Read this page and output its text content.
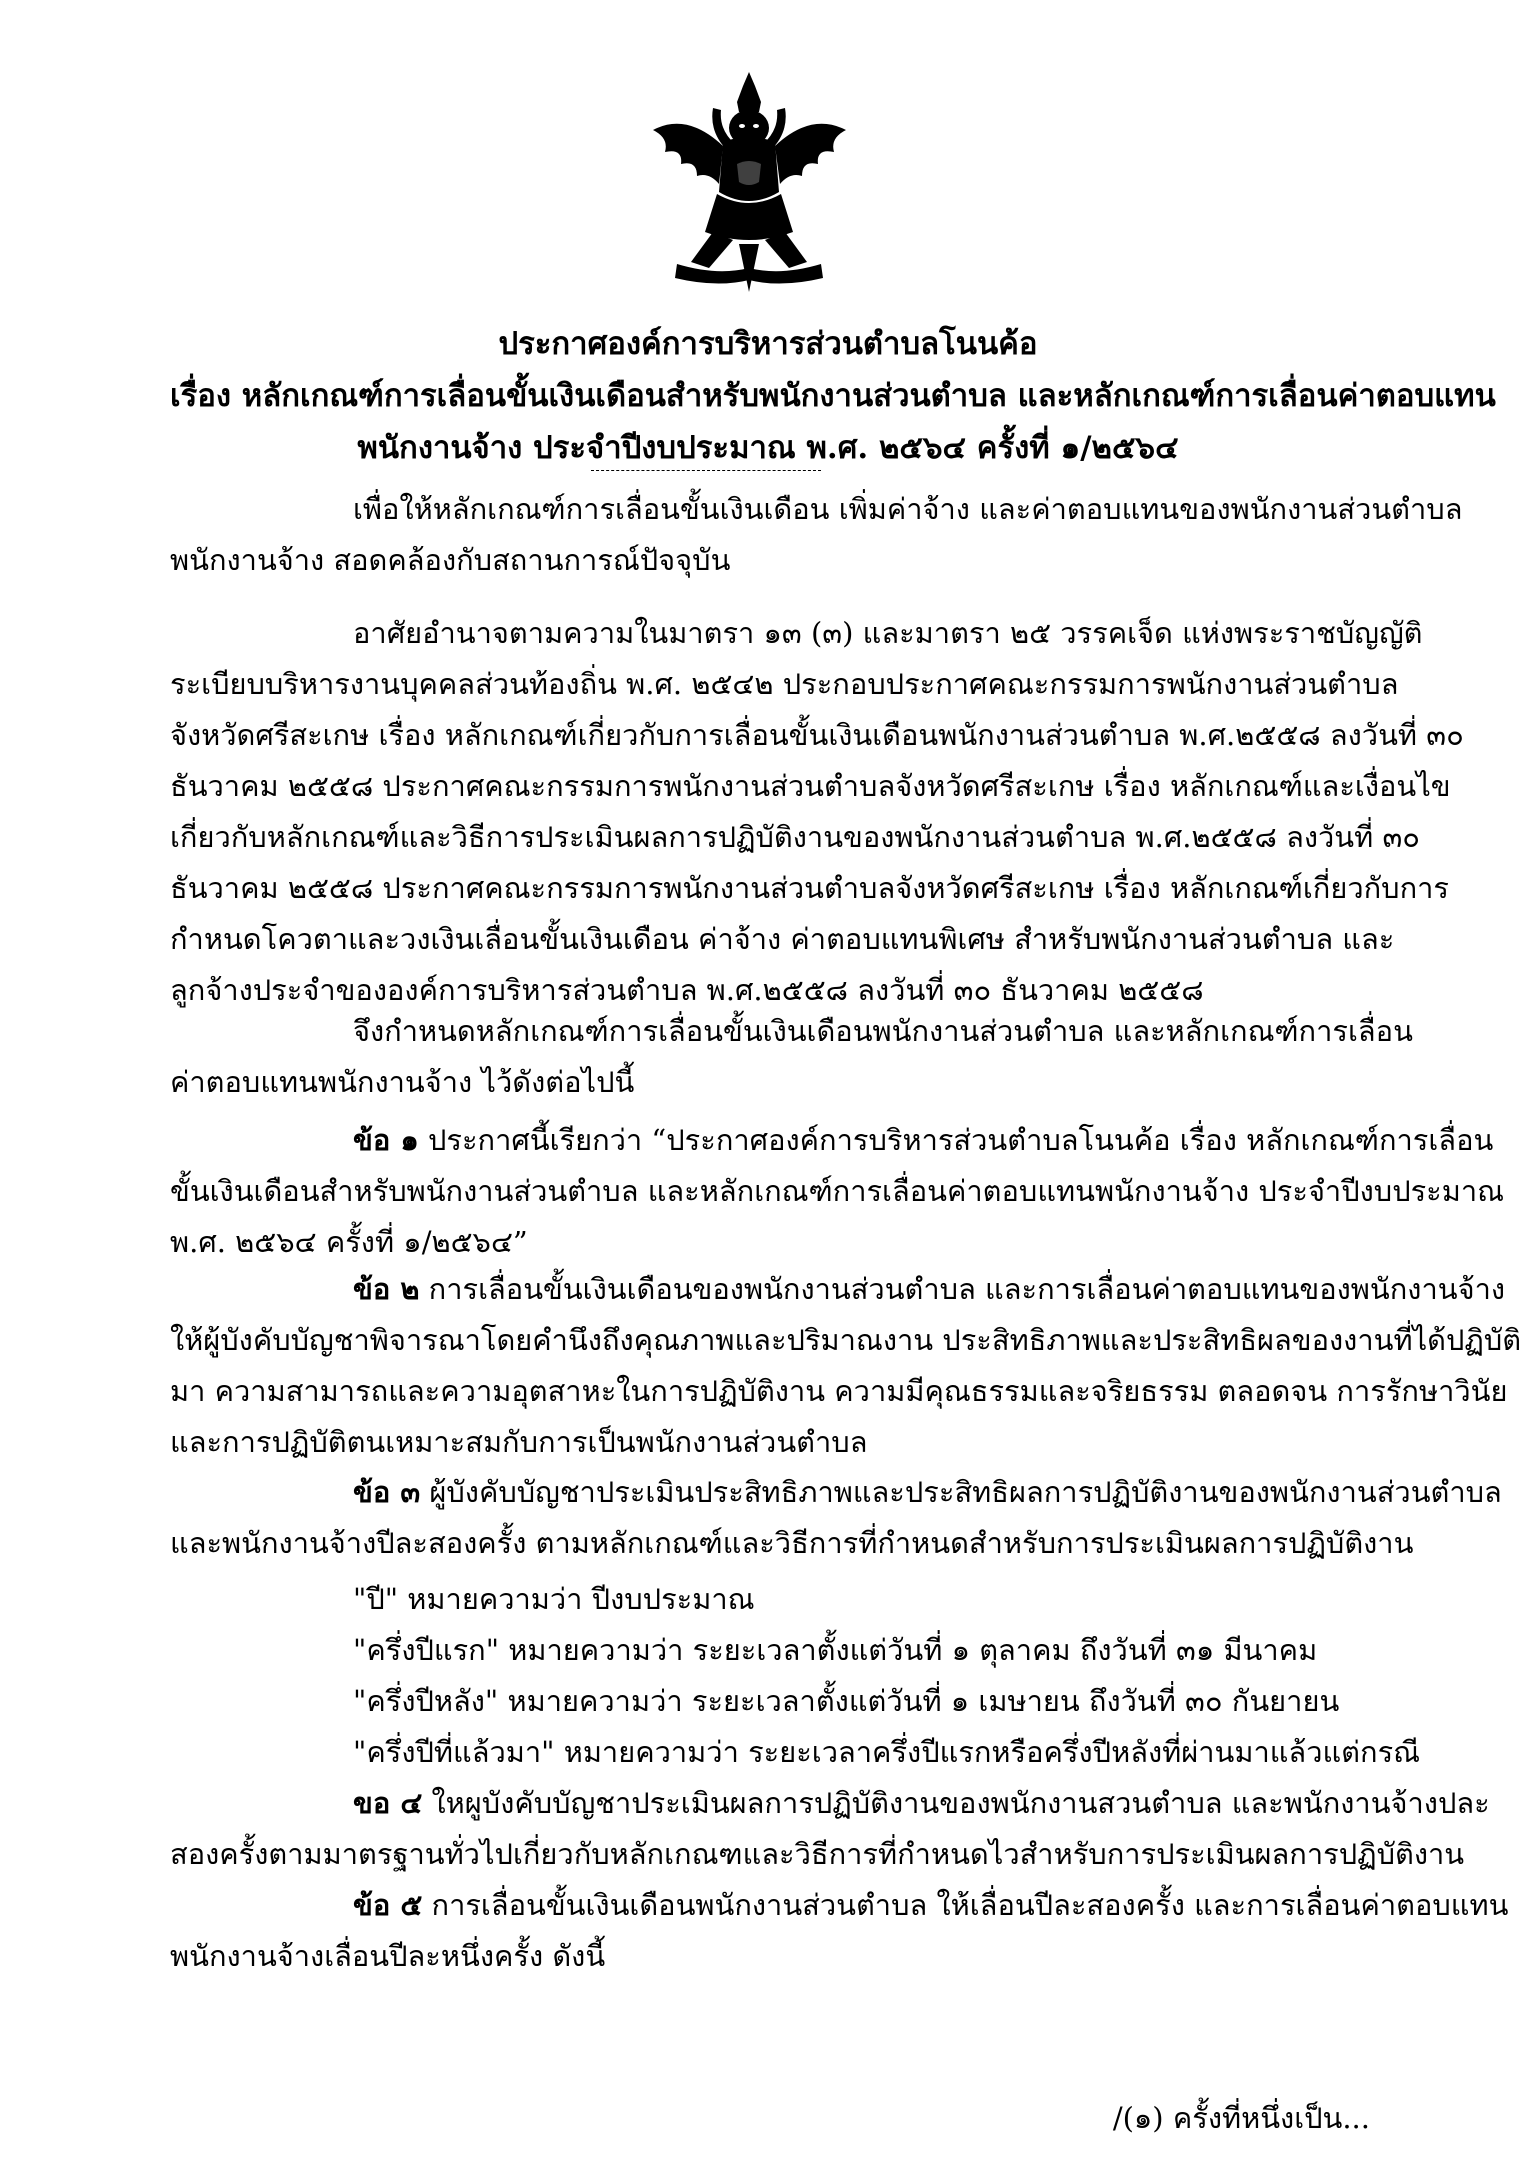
ประกาศองค์การบริหารส่วนตำบลโนนค้อ
เรื่อง หลักเกณฑ์การเลื่อนขั้นเงินเดือนสำหรับพนักงานส่วนตำบล และหลักเกณฑ์การเลื่อนค่าตอบแทน
พนักงานจ้าง ประจำปีงบประมาณ พ.ศ. ๒๕๖๔ ครั้งที่ ๑/๒๕๖๔
เพื่อให้หลักเกณฑ์การเลื่อนขั้นเงินเดือน เพิ่มค่าจ้าง และค่าตอบแทนของพนักงานส่วนตำบล
พนักงานจ้าง สอดคล้องกับสถานการณ์ปัจจุบัน
อาศัยอำนาจตามความในมาตรา ๑๓ (๓) และมาตรา ๒๕ วรรคเจ็ด แห่งพระราชบัญญัติ
ระเบียบบริหารงานบุคคลส่วนท้องถิ่น พ.ศ. ๒๕๔๒ ประกอบประกาศคณะกรรมการพนักงานส่วนตำบล
จังหวัดศรีสะเกษ เรื่อง หลักเกณฑ์เกี่ยวกับการเลื่อนขั้นเงินเดือนพนักงานส่วนตำบล พ.ศ.๒๕๕๘ ลงวันที่ ๓๐
ธันวาคม ๒๕๕๘ ประกาศคณะกรรมการพนักงานส่วนตำบลจังหวัดศรีสะเกษ เรื่อง หลักเกณฑ์และเงื่อนไข
เกี่ยวกับหลักเกณฑ์และวิธีการประเมินผลการปฏิบัติงานของพนักงานส่วนตำบล พ.ศ.๒๕๕๘ ลงวันที่ ๓๐
ธันวาคม ๒๕๕๘ ประกาศคณะกรรมการพนักงานส่วนตำบลจังหวัดศรีสะเกษ เรื่อง หลักเกณฑ์เกี่ยวกับการ
กำหนดโควตาและวงเงินเลื่อนขั้นเงินเดือน ค่าจ้าง ค่าตอบแทนพิเศษ สำหรับพนักงานส่วนตำบล และ
ลูกจ้างประจำขององค์การบริหารส่วนตำบล พ.ศ.๒๕๕๘ ลงวันที่ ๓๐ ธันวาคม ๒๕๕๘
จึงกำหนดหลักเกณฑ์การเลื่อนขั้นเงินเดือนพนักงานส่วนตำบล และหลักเกณฑ์การเลื่อน
ค่าตอบแทนพนักงานจ้าง ไว้ดังต่อไปนี้
ข้อ ๑ ประกาศนี้เรียกว่า “ประกาศองค์การบริหารส่วนตำบลโนนค้อ เรื่อง หลักเกณฑ์การเลื่อน
ขั้นเงินเดือนสำหรับพนักงานส่วนตำบล และหลักเกณฑ์การเลื่อนค่าตอบแทนพนักงานจ้าง ประจำปีงบประมาณ
พ.ศ. ๒๕๖๔ ครั้งที่ ๑/๒๕๖๔”
ข้อ ๒ การเลื่อนขั้นเงินเดือนของพนักงานส่วนตำบล และการเลื่อนค่าตอบแทนของพนักงานจ้าง
ให้ผู้บังคับบัญชาพิจารณาโดยคำนึงถึงคุณภาพและปริมาณงาน ประสิทธิภาพและประสิทธิผลของงานที่ได้ปฏิบัติ
มา ความสามารถและความอุตสาหะในการปฏิบัติงาน ความมีคุณธรรมและจริยธรรม ตลอดจน การรักษาวินัย
และการปฏิบัติตนเหมาะสมกับการเป็นพนักงานส่วนตำบล
ข้อ ๓ ผู้บังคับบัญชาประเมินประสิทธิภาพและประสิทธิผลการปฏิบัติงานของพนักงานส่วนตำบล
และพนักงานจ้างปีละสองครั้ง ตามหลักเกณฑ์และวิธีการที่กำหนดสำหรับการประเมินผลการปฏิบัติงาน
"ปี" หมายความว่า ปีงบประมาณ
"ครึ่งปีแรก" หมายความว่า ระยะเวลาตั้งแต่วันที่ ๑ ตุลาคม ถึงวันที่ ๓๑ มีนาคม
"ครึ่งปีหลัง" หมายความว่า ระยะเวลาตั้งแต่วันที่ ๑ เมษายน ถึงวันที่ ๓๐ กันยายน
"ครึ่งปีที่แล้วมา" หมายความว่า ระยะเวลาครึ่งปีแรกหรือครึ่งปีหลังที่ผ่านมาแล้วแต่กรณี
ขอ ๔ ใหผูบังคับบัญชาประเมินผลการปฏิบัติงานของพนักงานสวนตำบล และพนักงานจ้างปละ
สองครั้งตามมาตรฐานทั่วไปเกี่ยวกับหลักเกณฑและวิธีการที่กำหนดไวสำหรับการประเมินผลการปฏิบัติงาน
ข้อ ๕ การเลื่อนขั้นเงินเดือนพนักงานส่วนตำบล ให้เลื่อนปีละสองครั้ง และการเลื่อนค่าตอบแทน
พนักงานจ้างเลื่อนปีละหนึ่งครั้ง ดังนี้
/(๑) ครั้งที่หนึ่งเป็น...
